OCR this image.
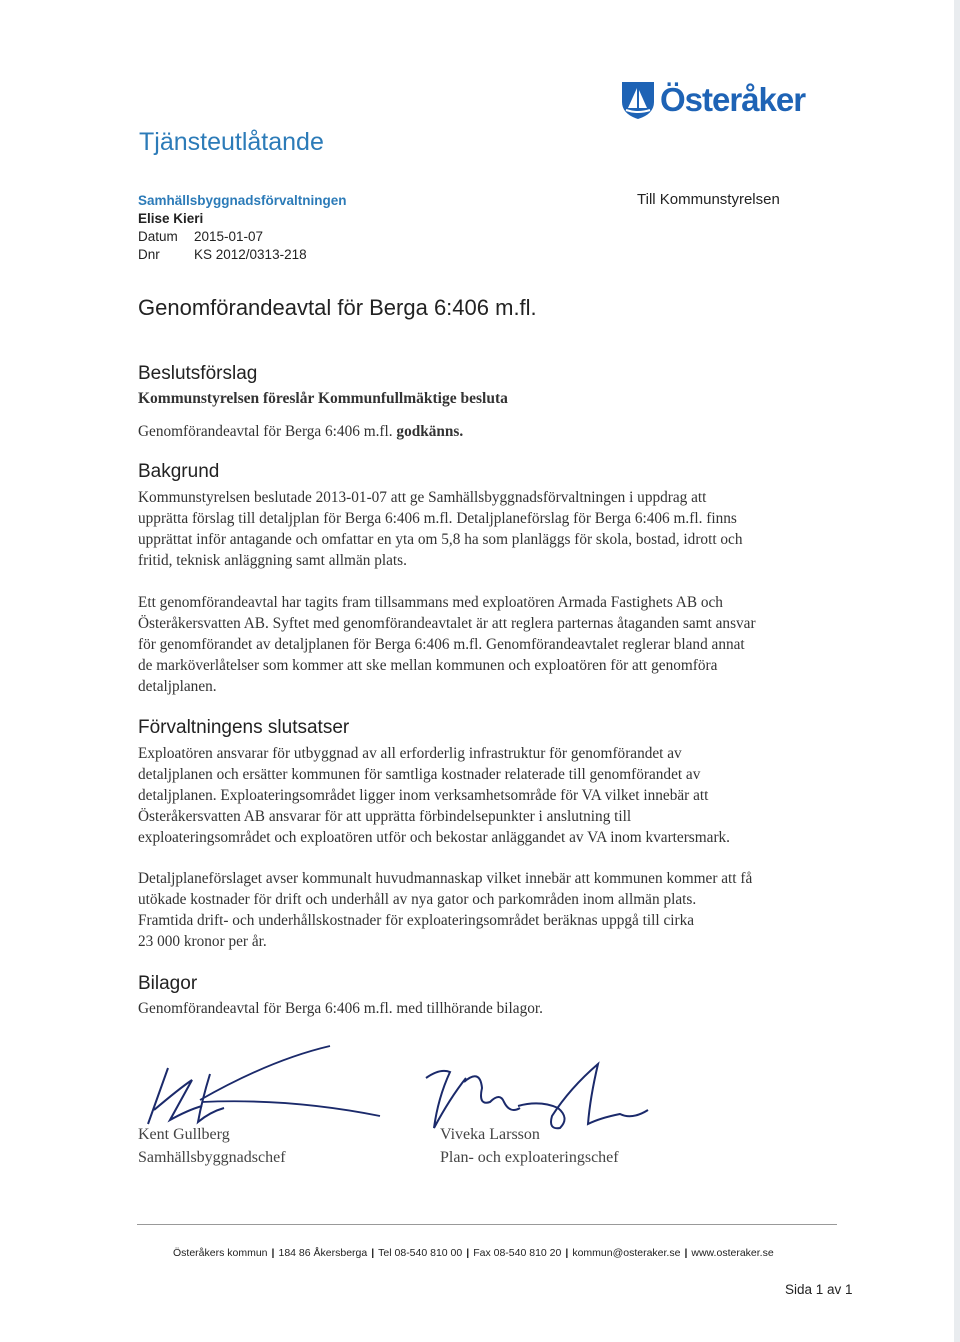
Österåker
Tjänsteutlåtande
Samhällsbyggnadsförvaltningen
Elise Kieri
Datum	2015-01-07
Dnr	KS 2012/0313-218
Till Kommunstyrelsen
Genomförandeavtal för Berga 6:406 m.fl.
Beslutsförslag
Kommunstyrelsen föreslår Kommunfullmäktige besluta
Genomförandeavtal för Berga 6:406 m.fl. godkänns.
Bakgrund
Kommunstyrelsen beslutade 2013-01-07 att ge Samhällsbyggnadsförvaltningen i uppdrag att
upprätta förslag till detaljplan för Berga 6:406 m.fl. Detaljplaneförslag för Berga 6:406 m.fl. finns
upprättat inför antagande och omfattar en yta om 5,8 ha som planläggs för skola, bostad, idrott och
fritid, teknisk anläggning samt allmän plats.
Ett genomförandeavtal har tagits fram tillsammans med exploatören Armada Fastighets AB och
Österåkersvatten AB. Syftet med genomförandeavtalet är att reglera parternas åtaganden samt ansvar
för genomförandet av detaljplanen för Berga 6:406 m.fl. Genomförandeavtalet reglerar bland annat
de marköverlåtelser som kommer att ske mellan kommunen och exploatören för att genomföra
detaljplanen.
Förvaltningens slutsatser
Exploatören ansvarar för utbyggnad av all erforderlig infrastruktur för genomförandet av
detaljplanen och ersätter kommunen för samtliga kostnader relaterade till genomförandet av
detaljplanen. Exploateringsområdet ligger inom verksamhetsområde för VA vilket innebär att
Österåkersvatten AB ansvarar för att upprätta förbindelsepunkter i anslutning till
exploateringsområdet och exploatören utför och bekostar anläggandet av VA inom kvartersmark.
Detaljplaneförslaget avser kommunalt huvudmannaskap vilket innebär att kommunen kommer att få
utökade kostnader för drift och underhåll av nya gator och parkområden inom allmän plats.
Framtida drift- och underhållskostnader för exploateringsområdet beräknas uppgå till cirka
23 000 kronor per år.
Bilagor
Genomförandeavtal för Berga 6:406 m.fl. med tillhörande bilagor.
Kent Gullberg
Samhällsbyggnadschef
Viveka Larsson
Plan- och exploateringschef
Österåkers kommun | 184 86 Åkersberga | Tel 08-540 810 00 | Fax 08-540 810 20 | kommun@osteraker.se | www.osteraker.se
Sida 1 av 1
